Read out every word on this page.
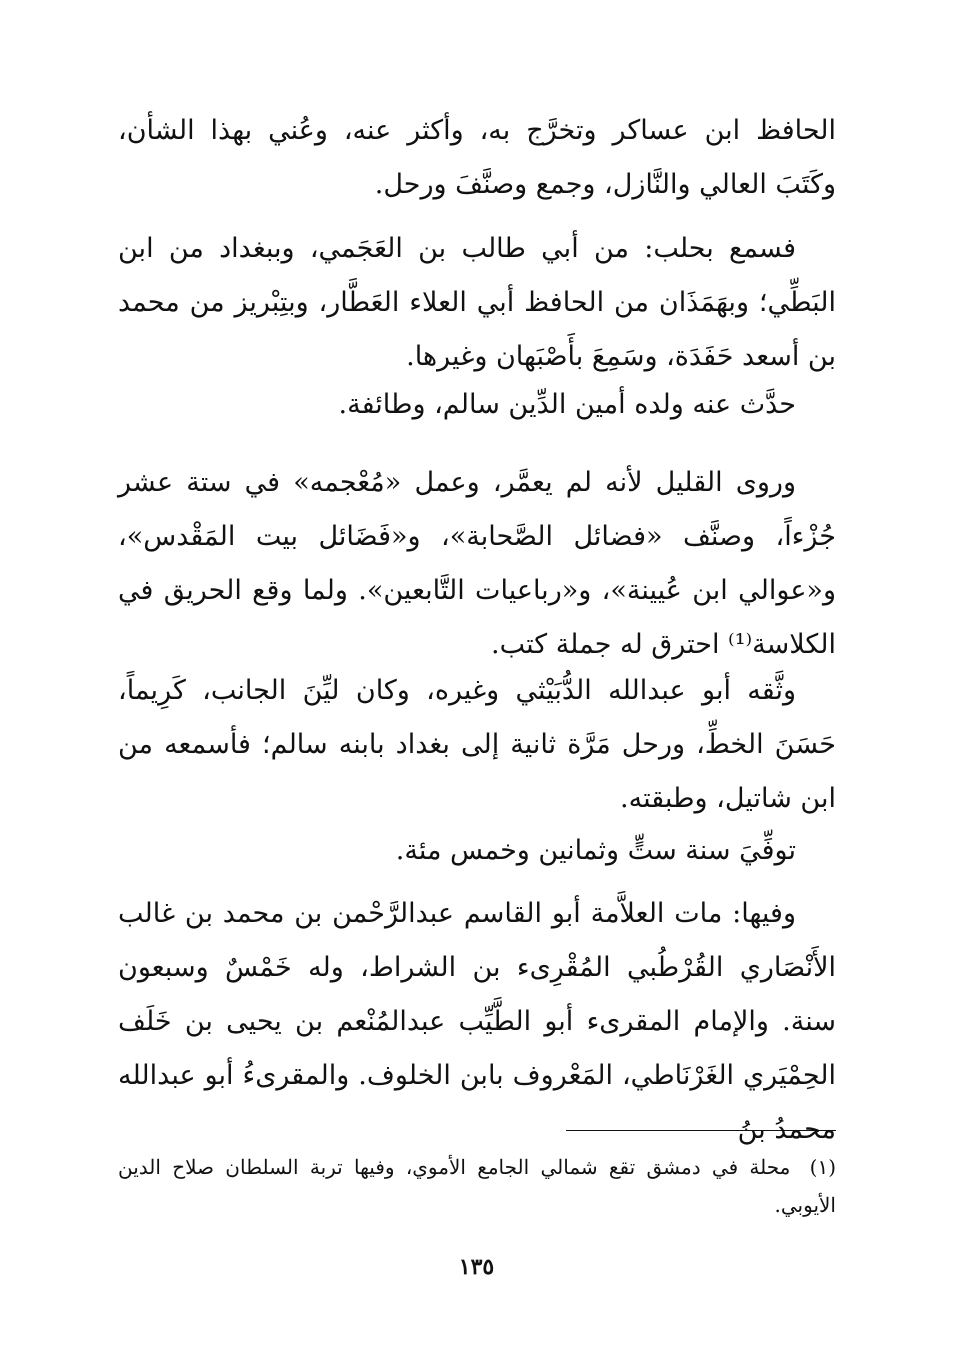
الحافظ ابن عساكر وتخرَّج به، وأكثر عنه، وعُني بهذا الشأن، وكَتَبَ العالي والنَّازل، وجمع وصنَّفَ ورحل.

فسمع بحلب: من أبي طالب بن العَجَمي، وببغداد من ابن البَطِّي؛ وبهَمَذَان من الحافظ أبي العلاء العَطَّار، وبتِبْريز من محمد بن أسعد حَفَدَة، وسَمِعَ بأَصْبَهان وغيرها.

حدَّث عنه ولده أمين الدِّين سالم، وطائفة.

وروى القليل لأنه لم يعمَّر، وعمل «مُعْجمه» في ستة عشر جُزْءاً، وصنَّف «فضائل الصَّحابة»، و«فَضَائل بيت المَقْدس»، و«عوالي ابن عُيينة»، و«رباعيات التَّابعين». ولما وقع الحريق في الكلاسة⁽¹⁾ احترق له جملة كتب.

وثَّقه أبو عبدالله الدُّبَيْثي وغيره، وكان ليِّنَ الجانب، كَرِيماً، حَسَنَ الخطِّ، ورحل مَرَّة ثانية إلى بغداد بابنه سالم؛ فأسمعه من ابن شاتيل، وطبقته.

توفِّيَ سنة ستٍّ وثمانين وخمس مئة.

وفيها: مات العلاَّمة أبو القاسم عبدالرَّحْمن بن محمد بن غالب الأَنْصَاري القُرْطُبي المُقْرِىء بن الشراط، وله خَمْسٌ وسبعون سنة. والإمام المقرىء أبو الطَّيِّب عبدالمُنْعم بن يحيى بن خَلَف الحِمْيَري الغَرْنَاطي، المَعْروف بابن الخلوف. والمقرىءُ أبو عبدالله محمدُ بنُ

(١) محلة في دمشق تقع شمالي الجامع الأموي، وفيها تربة السلطان صلاح الدين الأيوبي.
١٣٥
